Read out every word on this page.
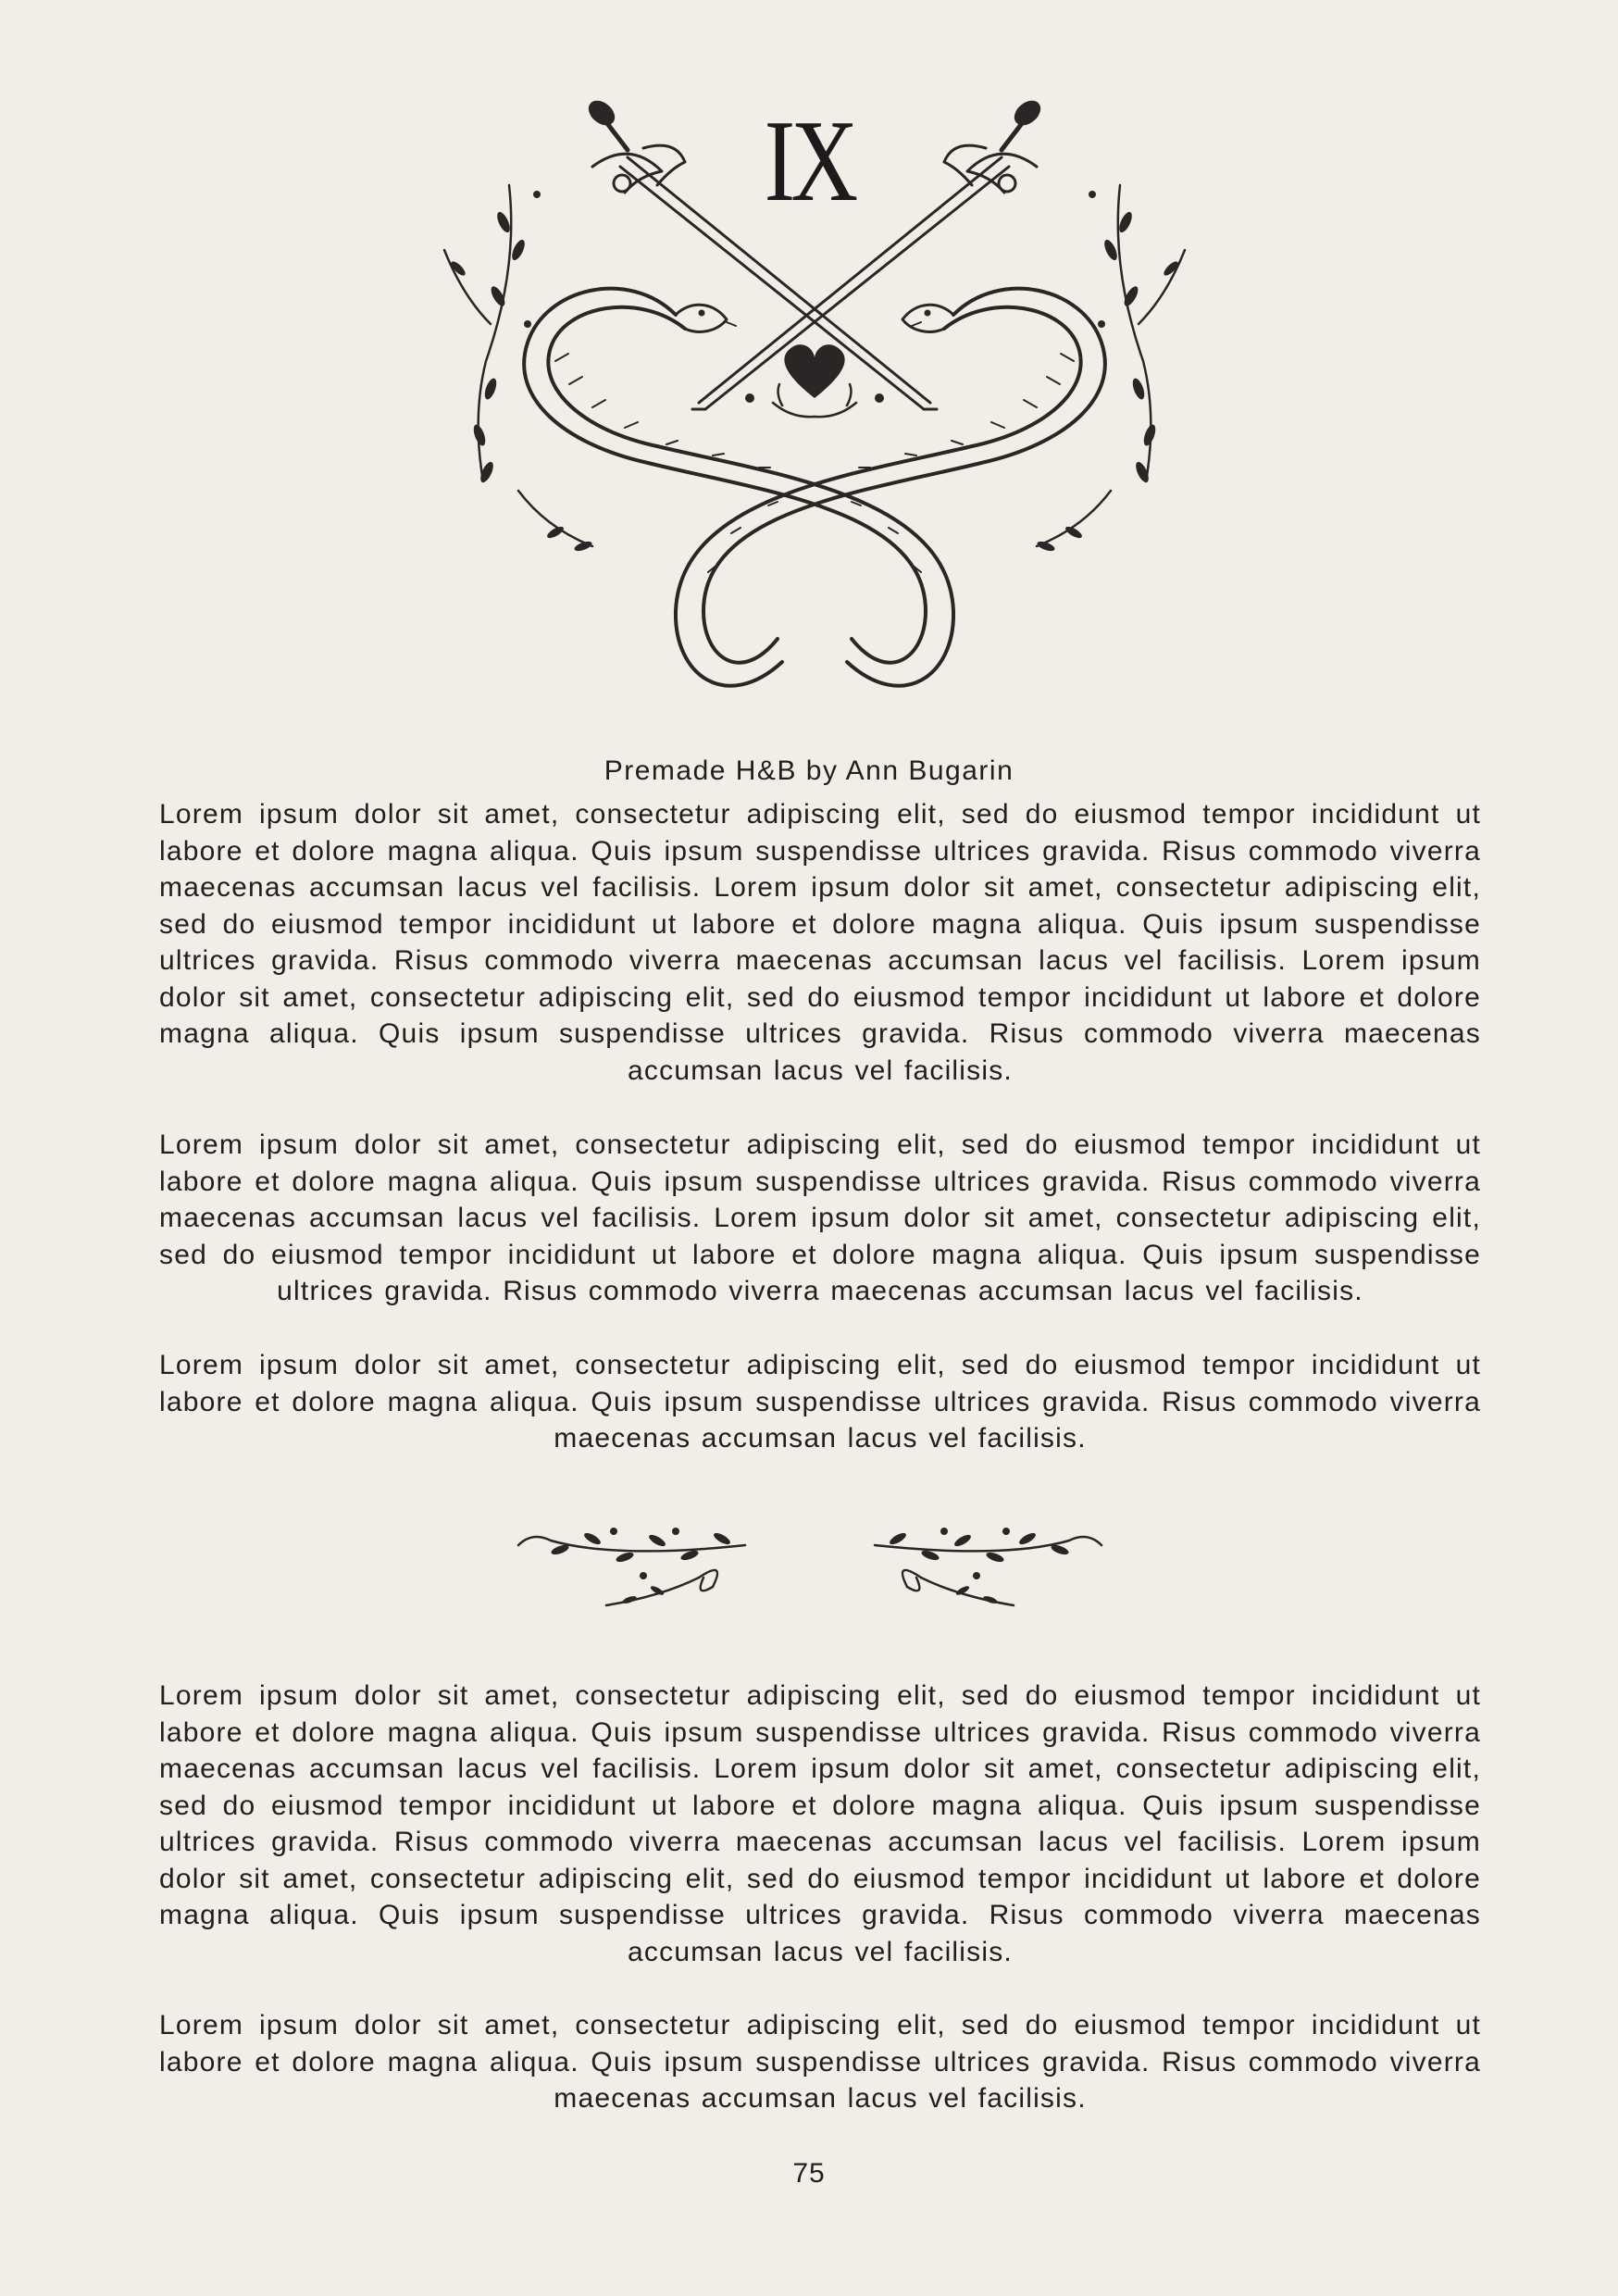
IX
Premade H&B by Ann Bugarin

Lorem ipsum dolor sit amet, consectetur adipiscing elit, sed do eiusmod tempor incididunt ut labore et dolore magna aliqua. Quis ipsum suspendisse ultrices gravida. Risus commodo viverra maecenas accumsan lacus vel facilisis. Lorem ipsum dolor sit amet, consectetur adipiscing elit, sed do eiusmod tempor incididunt ut labore et dolore magna aliqua. Quis ipsum suspendisse ultrices gravida. Risus commodo viverra maecenas accumsan lacus vel facilisis. Lorem ipsum dolor sit amet, consectetur adipiscing elit, sed do eiusmod tempor incididunt ut labore et dolore magna aliqua. Quis ipsum suspendisse ultrices gravida. Risus commodo viverra maecenas accumsan lacus vel facilisis.

Lorem ipsum dolor sit amet, consectetur adipiscing elit, sed do eiusmod tempor incididunt ut labore et dolore magna aliqua. Quis ipsum suspendisse ultrices gravida. Risus commodo viverra maecenas accumsan lacus vel facilisis. Lorem ipsum dolor sit amet, consectetur adipiscing elit, sed do eiusmod tempor incididunt ut labore et dolore magna aliqua. Quis ipsum suspendisse ultrices gravida. Risus commodo viverra maecenas accumsan lacus vel facilisis.

Lorem ipsum dolor sit amet, consectetur adipiscing elit, sed do eiusmod tempor incididunt ut labore et dolore magna aliqua. Quis ipsum suspendisse ultrices gravida. Risus commodo viverra maecenas accumsan lacus vel facilisis.

Lorem ipsum dolor sit amet, consectetur adipiscing elit, sed do eiusmod tempor incididunt ut labore et dolore magna aliqua. Quis ipsum suspendisse ultrices gravida. Risus commodo viverra maecenas accumsan lacus vel facilisis. Lorem ipsum dolor sit amet, consectetur adipiscing elit, sed do eiusmod tempor incididunt ut labore et dolore magna aliqua. Quis ipsum suspendisse ultrices gravida. Risus commodo viverra maecenas accumsan lacus vel facilisis. Lorem ipsum dolor sit amet, consectetur adipiscing elit, sed do eiusmod tempor incididunt ut labore et dolore magna aliqua. Quis ipsum suspendisse ultrices gravida. Risus commodo viverra maecenas accumsan lacus vel facilisis.

Lorem ipsum dolor sit amet, consectetur adipiscing elit, sed do eiusmod tempor incididunt ut labore et dolore magna aliqua. Quis ipsum suspendisse ultrices gravida. Risus commodo viverra maecenas accumsan lacus vel facilisis.

75
